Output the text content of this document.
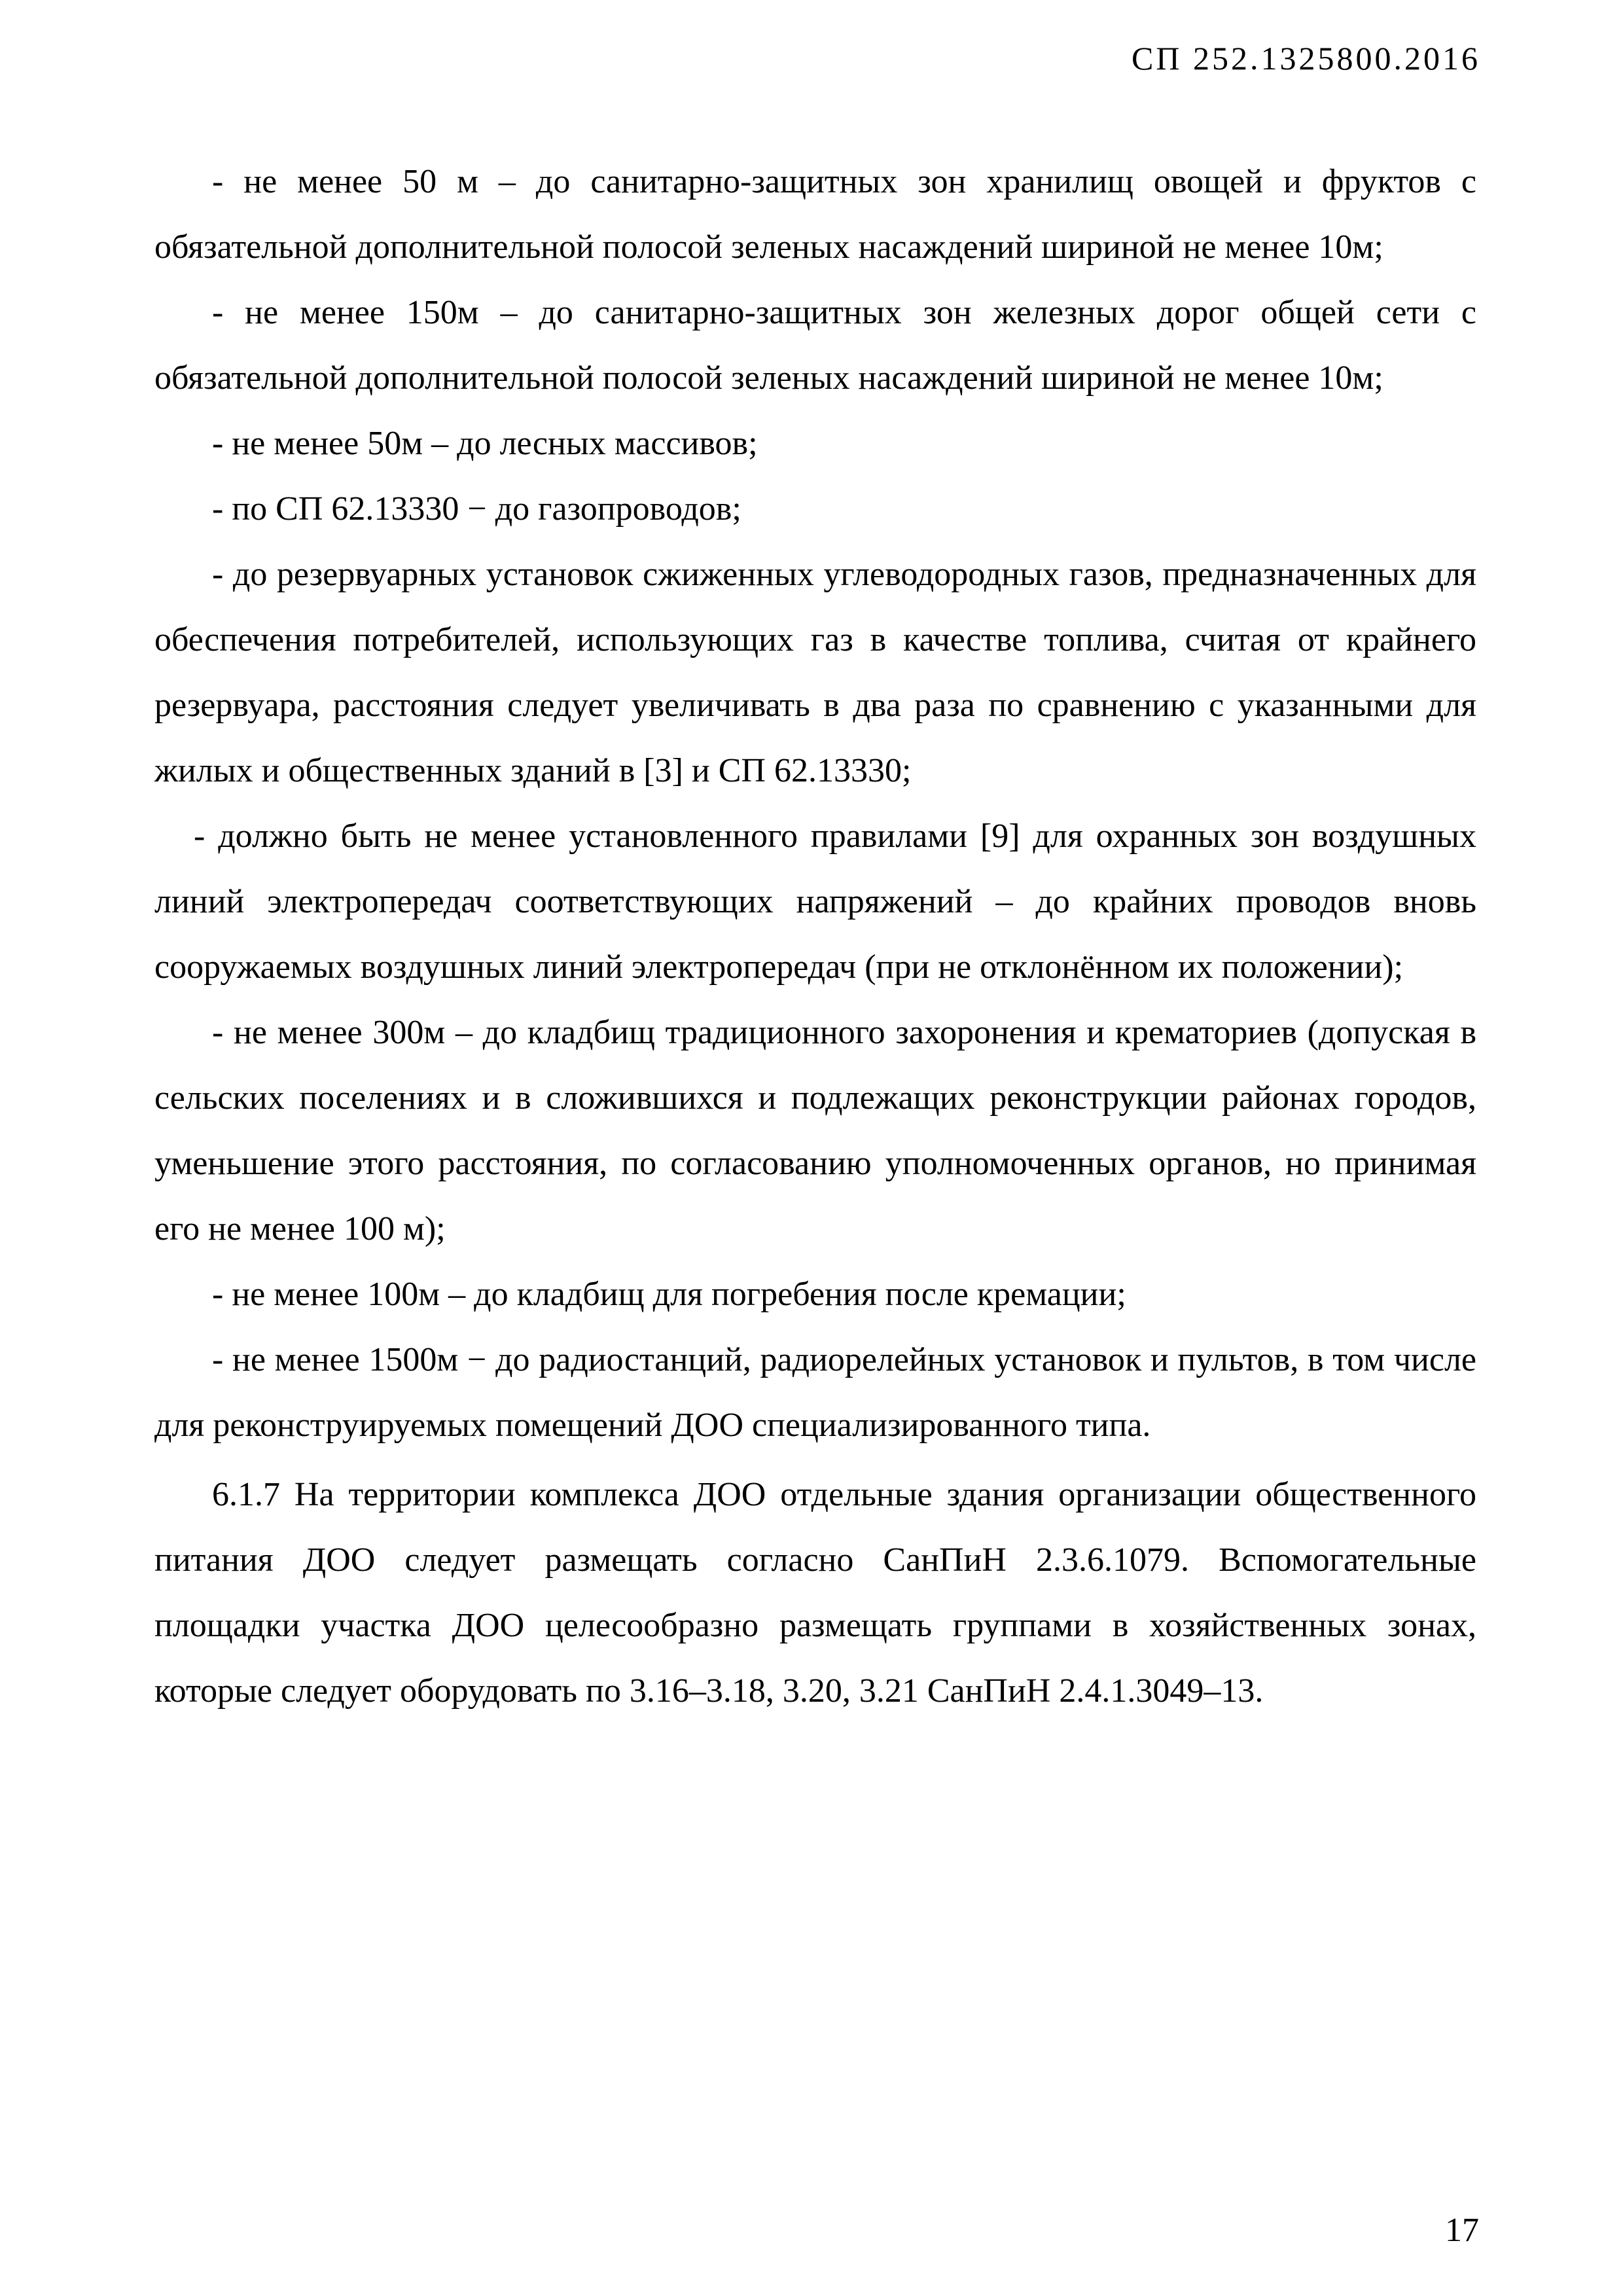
СП 252.1325800.2016

- не менее 50 м – до санитарно-защитных зон хранилищ овощей и фруктов с обязательной дополнительной полосой зеленых насаждений шириной не менее 10м;

- не менее 150м – до санитарно-защитных зон железных дорог общей сети с обязательной дополнительной полосой зеленых насаждений шириной не менее 10м;

- не менее 50м – до лесных массивов;

- по СП 62.13330 − до газопроводов;

- до резервуарных установок сжиженных углеводородных газов, предназначенных для обеспечения потребителей, использующих газ в качестве топлива, считая от крайнего резервуара, расстояния следует увеличивать в два раза по сравнению с указанными для жилых и общественных зданий в [3] и СП 62.13330;

- должно быть не менее установленного правилами [9] для охранных зон воздушных линий электропередач соответствующих напряжений – до крайних проводов вновь сооружаемых воздушных линий электропередач (при не отклонённом их положении);

- не менее 300м – до кладбищ традиционного захоронения и крематориев (допуская в сельских поселениях и в сложившихся и подлежащих реконструкции районах городов, уменьшение этого расстояния, по согласованию уполномоченных органов, но принимая его не менее 100 м);

- не менее 100м – до кладбищ для погребения после кремации;

- не менее 1500м − до радиостанций, радиорелейных установок и пультов, в том числе для реконструируемых помещений ДОО специализированного типа.

6.1.7 На территории комплекса ДОО отдельные здания организации общественного питания ДОО следует размещать согласно СанПиН 2.3.6.1079. Вспомогательные площадки участка ДОО целесообразно размещать группами в хозяйственных зонах, которые следует оборудовать по 3.16–3.18, 3.20, 3.21 СанПиН 2.4.1.3049–13.

17
